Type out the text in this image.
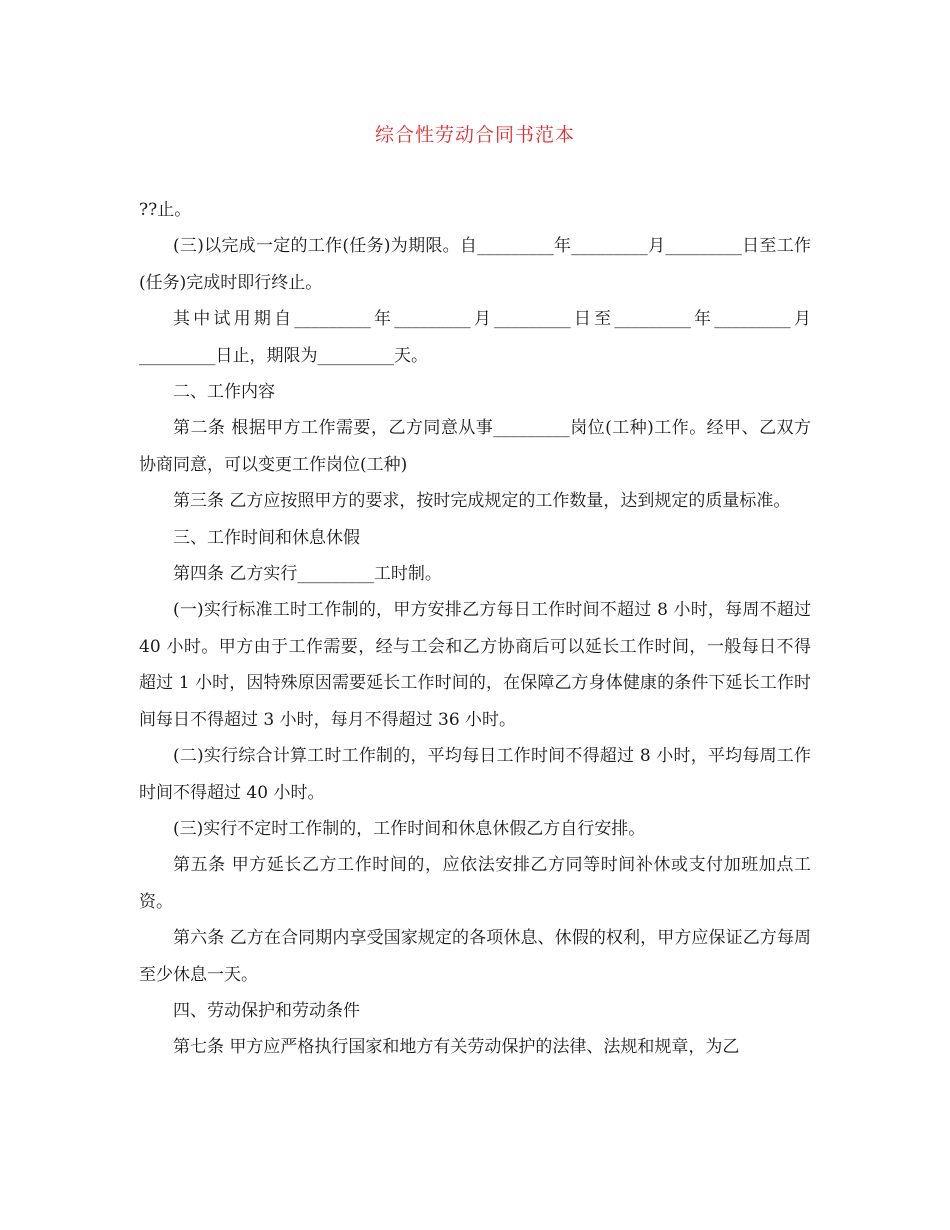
综合性劳动合同书范本

??止。

(三)以完成一定的工作(任务)为期限。自_________年_________月_________日至工作(任务)完成时即行终止。

其中试用期自_________年_________月_________日至_________年_________月_________日止，期限为_________天。

二、工作内容

第二条 根据甲方工作需要，乙方同意从事_________岗位(工种)工作。经甲、乙双方协商同意，可以变更工作岗位(工种)

第三条 乙方应按照甲方的要求，按时完成规定的工作数量，达到规定的质量标准。

三、工作时间和休息休假

第四条 乙方实行_________工时制。

(一)实行标准工时工作制的，甲方安排乙方每日工作时间不超过 8 小时，每周不超过 40 小时。甲方由于工作需要，经与工会和乙方协商后可以延长工作时间，一般每日不得超过 1 小时，因特殊原因需要延长工作时间的，在保障乙方身体健康的条件下延长工作时间每日不得超过 3 小时，每月不得超过 36 小时。

(二)实行综合计算工时工作制的，平均每日工作时间不得超过 8 小时，平均每周工作时间不得超过 40 小时。

(三)实行不定时工作制的，工作时间和休息休假乙方自行安排。

第五条 甲方延长乙方工作时间的，应依法安排乙方同等时间补休或支付加班加点工资。

第六条 乙方在合同期内享受国家规定的各项休息、休假的权利，甲方应保证乙方每周至少休息一天。

四、劳动保护和劳动条件

第七条 甲方应严格执行国家和地方有关劳动保护的法律、法规和规章，为乙
